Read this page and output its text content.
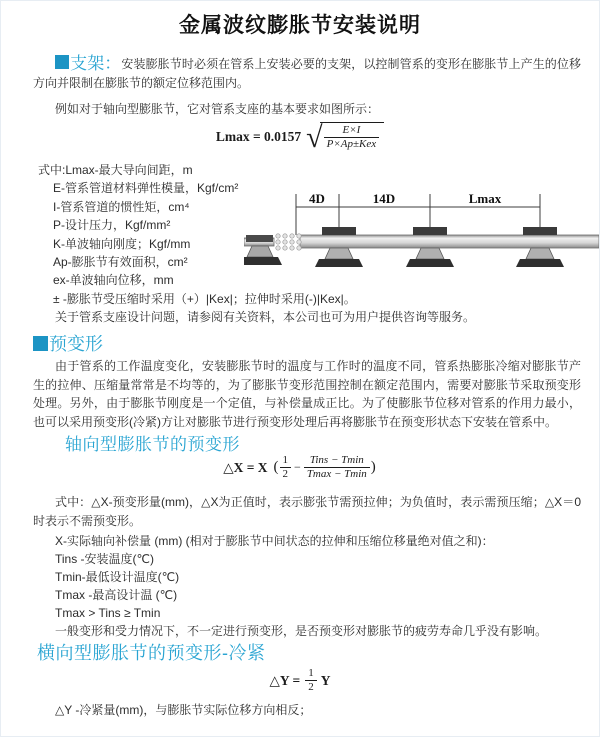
金属波纹膨胀节安装说明
支架：安装膨胀节时必须在管系上安装必要的支架，以控制管系的变形在膨胀节上产生的位移方向并限制在膨胀节的额定位移范围内。
例如对于轴向型膨胀节，它对管系支座的基本要求如图所示：
Lmax = 0.0157 √ $\frac{E\times I}{\text{P×Ap±Kex}}$
式中:Lmax-最大导向间距，m
E-管系管道材料弹性模量，Kgf/cm²
I-管系管道的惯性矩，cm⁴
P-设计压力，Kgf/mm²
K-单波轴向刚度；Kgf/mm
Ap-膨胀节有效面积，cm²
ex-单波轴向位移，mm
± -膨胀节受压缩时采用（+）|Kex|；拉伸时采用(-)|Kex|。
关于管系支座设计问题，请参阅有关资料，本公司也可为用户提供咨询等服务。
4D	14D	Lmax
预变形
由于管系的工作温度变化，安装膨胀节时的温度与工作时的温度不同，管系热膨胀冷缩对膨胀节产生的拉伸、压缩量常常是不均等的，为了膨胀节变形范围控制在额定范围内，需要对膨胀节采取预变形处理。另外，由于膨胀节刚度是一个定值，与补偿量成正比。为了使膨胀节位移对管系的作用力最小，也可以采用预变形(冷紧)方让对膨胀节进行预变形处理后再将膨胀节在预变形状态下安装在管系中。
轴向型膨胀节的预变形
△X = X ( $\frac{1}{2} - \frac{\text{Tins − Tmin}}{Tmax - Tmin}$ )
式中：△X-预变形量(mm)，△X为正值时，表示膨张节需预拉伸；为负值时，表示需预压缩；△X＝0时表示不需预变形。
X-实际轴向补偿量 (mm) (相对于膨胀节中间状态的拉伸和压缩位移量绝对值之和)：
Tins -安装温度(℃)
Tmin-最低设计温度(℃)
Tmax -最高设计温 (℃)
Tmax > Tins ≥ Tmin
一般变形和受力情况下，不一定进行预变形，是否预变形对膨胀节的疲劳寿命几乎没有影响。
横向型膨胀节的预变形-冷紧
△Y = $\frac{1}{2}$ Y
△Y -冷紧量(mm)，与膨胀节实际位移方向相反；
